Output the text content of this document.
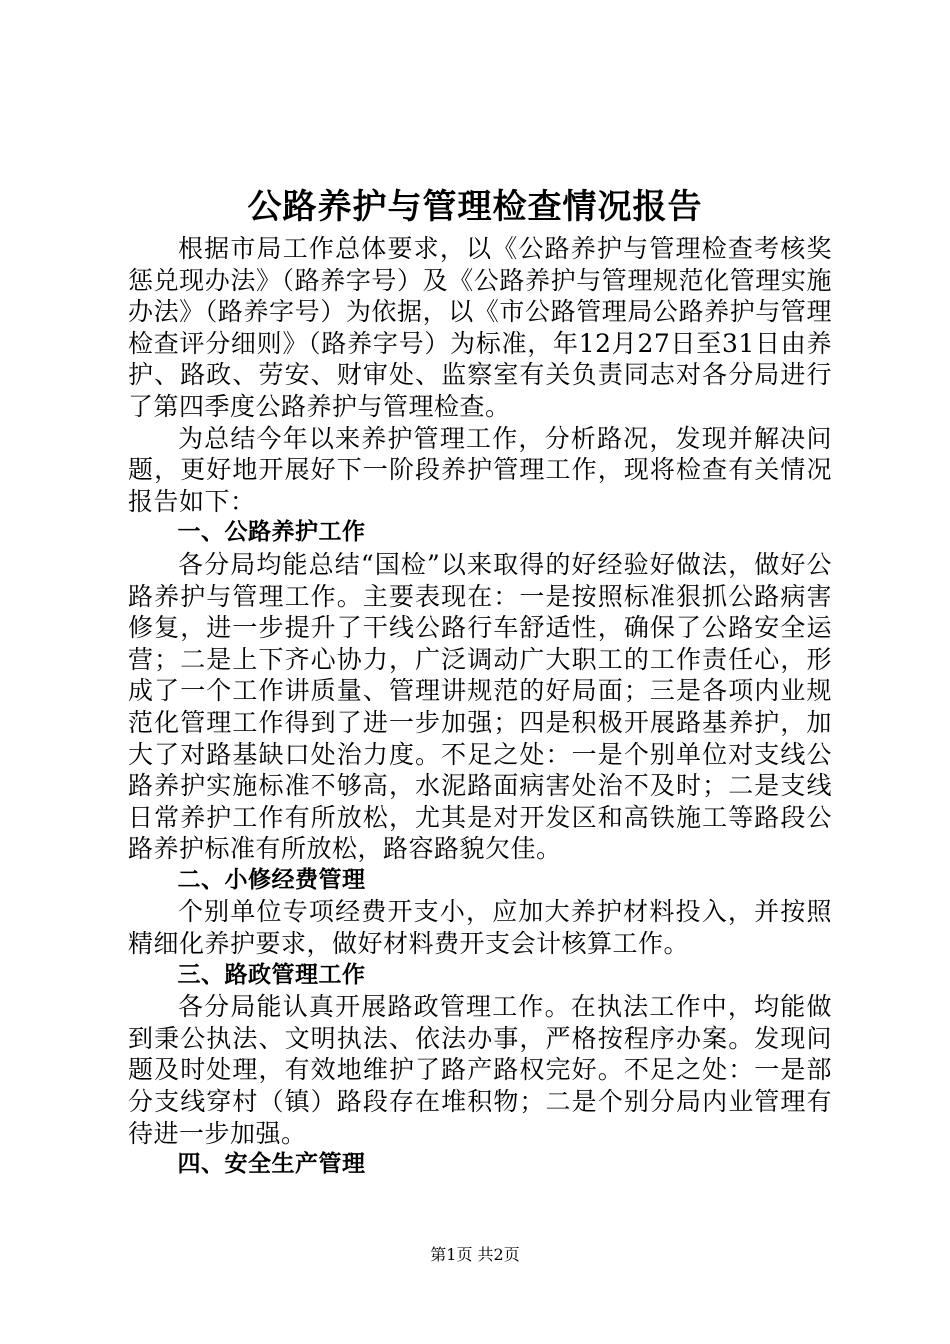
公路养护与管理检查情况报告

根据市局工作总体要求，以《公路养护与管理检查考核奖惩兑现办法》（路养字号）及《公路养护与管理规范化管理实施办法》（路养字号）为依据，以《市公路管理局公路养护与管理检查评分细则》（路养字号）为标准，年12月27日至31日由养护、路政、劳安、财审处、监察室有关负责同志对各分局进行了第四季度公路养护与管理检查。

为总结今年以来养护管理工作，分析路况，发现并解决问题，更好地开展好下一阶段养护管理工作，现将检查有关情况报告如下：

一、公路养护工作

各分局均能总结“国检”以来取得的好经验好做法，做好公路养护与管理工作。主要表现在：一是按照标准狠抓公路病害修复，进一步提升了干线公路行车舒适性，确保了公路安全运营；二是上下齐心协力，广泛调动广大职工的工作责任心，形成了一个工作讲质量、管理讲规范的好局面；三是各项内业规范化管理工作得到了进一步加强；四是积极开展路基养护，加大了对路基缺口处治力度。不足之处：一是个别单位对支线公路养护实施标准不够高，水泥路面病害处治不及时；二是支线日常养护工作有所放松，尤其是对开发区和高铁施工等路段公路养护标准有所放松，路容路貌欠佳。

二、小修经费管理

个别单位专项经费开支小，应加大养护材料投入，并按照精细化养护要求，做好材料费开支会计核算工作。

三、路政管理工作

各分局能认真开展路政管理工作。在执法工作中，均能做到秉公执法、文明执法、依法办事，严格按程序办案。发现问题及时处理，有效地维护了路产路权完好。不足之处：一是部分支线穿村（镇）路段存在堆积物；二是个别分局内业管理有待进一步加强。

四、安全生产管理

第1页 共2页
